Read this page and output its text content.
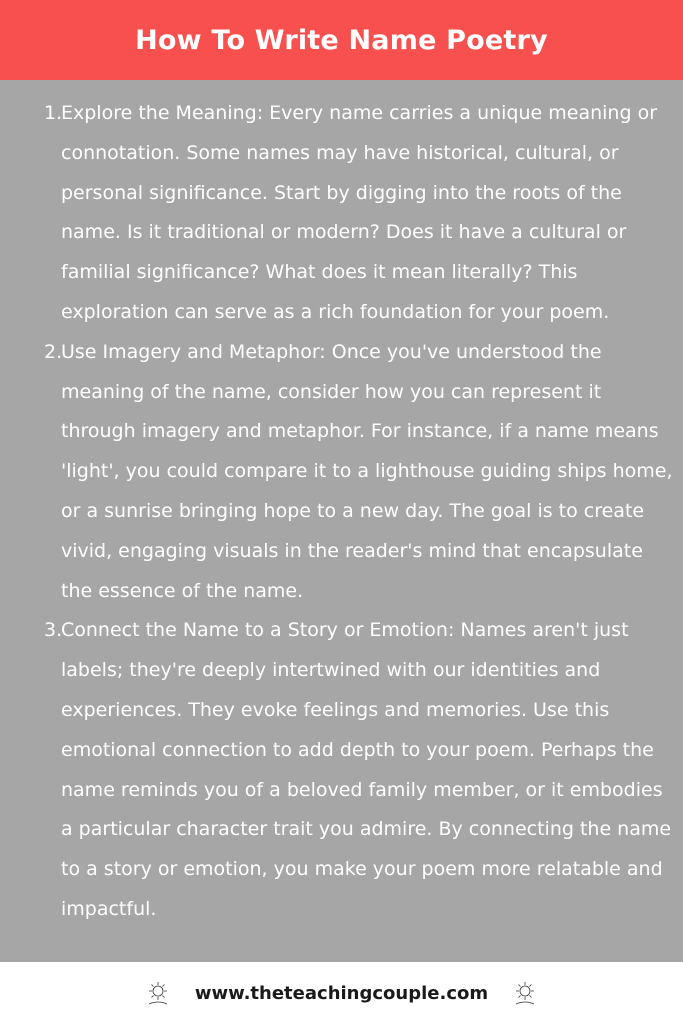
How To Write Name Poetry
1.
Explore the Meaning: Every name carries a unique meaning or connotation. Some names may have historical, cultural, or personal significance. Start by digging into the roots of the name. Is it traditional or modern? Does it have a cultural or familial significance? What does it mean literally? This exploration can serve as a rich foundation for your poem.
2.
Use Imagery and Metaphor: Once you've understood the meaning of the name, consider how you can represent it through imagery and metaphor. For instance, if a name means 'light', you could compare it to a lighthouse guiding ships home, or a sunrise bringing hope to a new day. The goal is to create vivid, engaging visuals in the reader's mind that encapsulate the essence of the name.
3.
Connect the Name to a Story or Emotion: Names aren't just labels; they're deeply intertwined with our identities and experiences. They evoke feelings and memories. Use this emotional connection to add depth to your poem. Perhaps the name reminds you of a beloved family member, or it embodies a particular character trait you admire. By connecting the name to a story or emotion, you make your poem more relatable and impactful.
www.theteachingcouple.com
